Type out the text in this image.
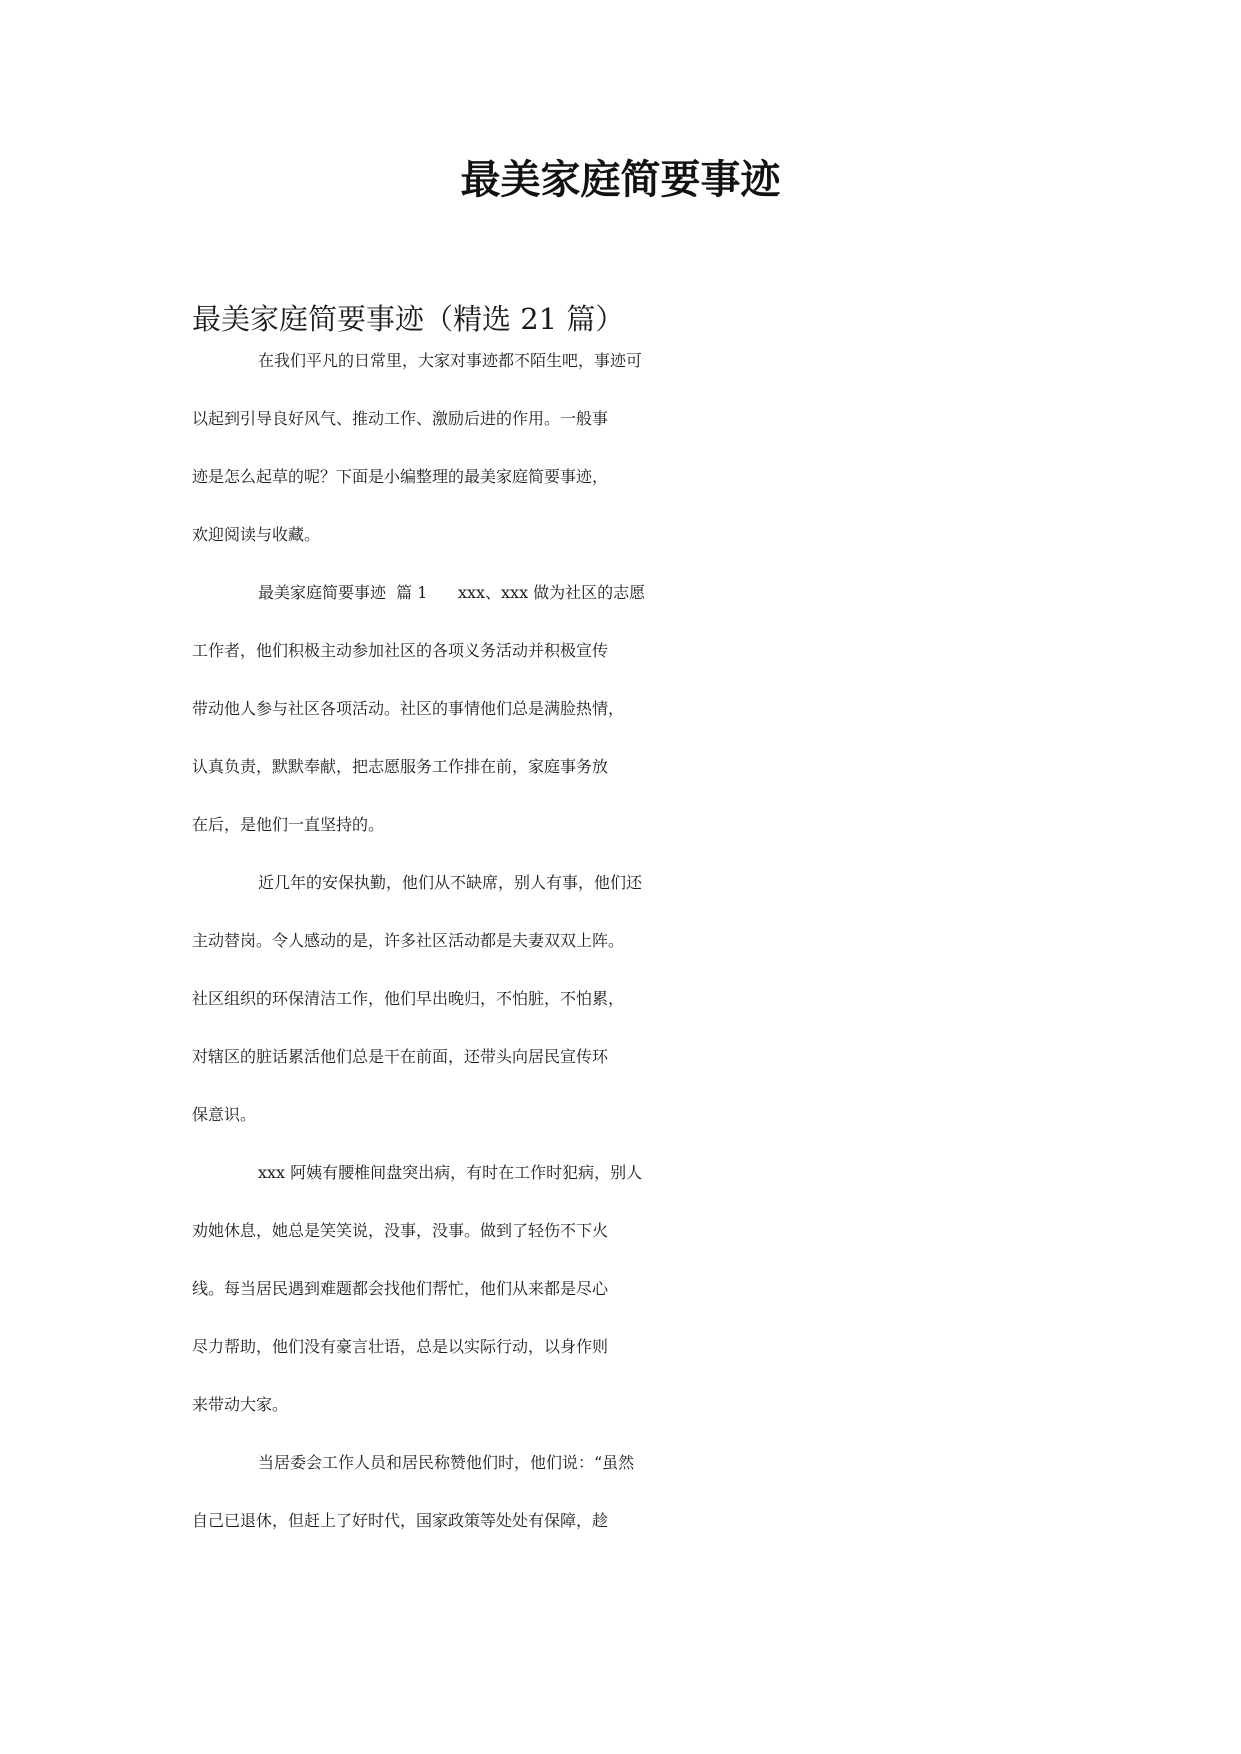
最美家庭简要事迹

最美家庭简要事迹（精选 21 篇）

在我们平凡的日常里，大家对事迹都不陌生吧，事迹可
以起到引导良好风气、推动工作、激励后进的作用。一般事
迹是怎么起草的呢？下面是小编整理的最美家庭简要事迹，
欢迎阅读与收藏。
最美家庭简要事迹  篇 1      xxx、xxx 做为社区的志愿
工作者，他们积极主动参加社区的各项义务活动并积极宣传
带动他人参与社区各项活动。社区的事情他们总是满脸热情，
认真负责，默默奉献，把志愿服务工作排在前，家庭事务放
在后，是他们一直坚持的。
近几年的安保执勤，他们从不缺席，别人有事，他们还
主动替岗。令人感动的是，许多社区活动都是夫妻双双上阵。
社区组织的环保清洁工作，他们早出晚归，不怕脏，不怕累，
对辖区的脏话累活他们总是干在前面，还带头向居民宣传环
保意识。
xxx 阿姨有腰椎间盘突出病，有时在工作时犯病，别人
劝她休息，她总是笑笑说，没事，没事。做到了轻伤不下火
线。每当居民遇到难题都会找他们帮忙，他们从来都是尽心
尽力帮助，他们没有豪言壮语，总是以实际行动，以身作则
来带动大家。
当居委会工作人员和居民称赞他们时，他们说：“虽然
自己已退休，但赶上了好时代，国家政策等处处有保障，趁
